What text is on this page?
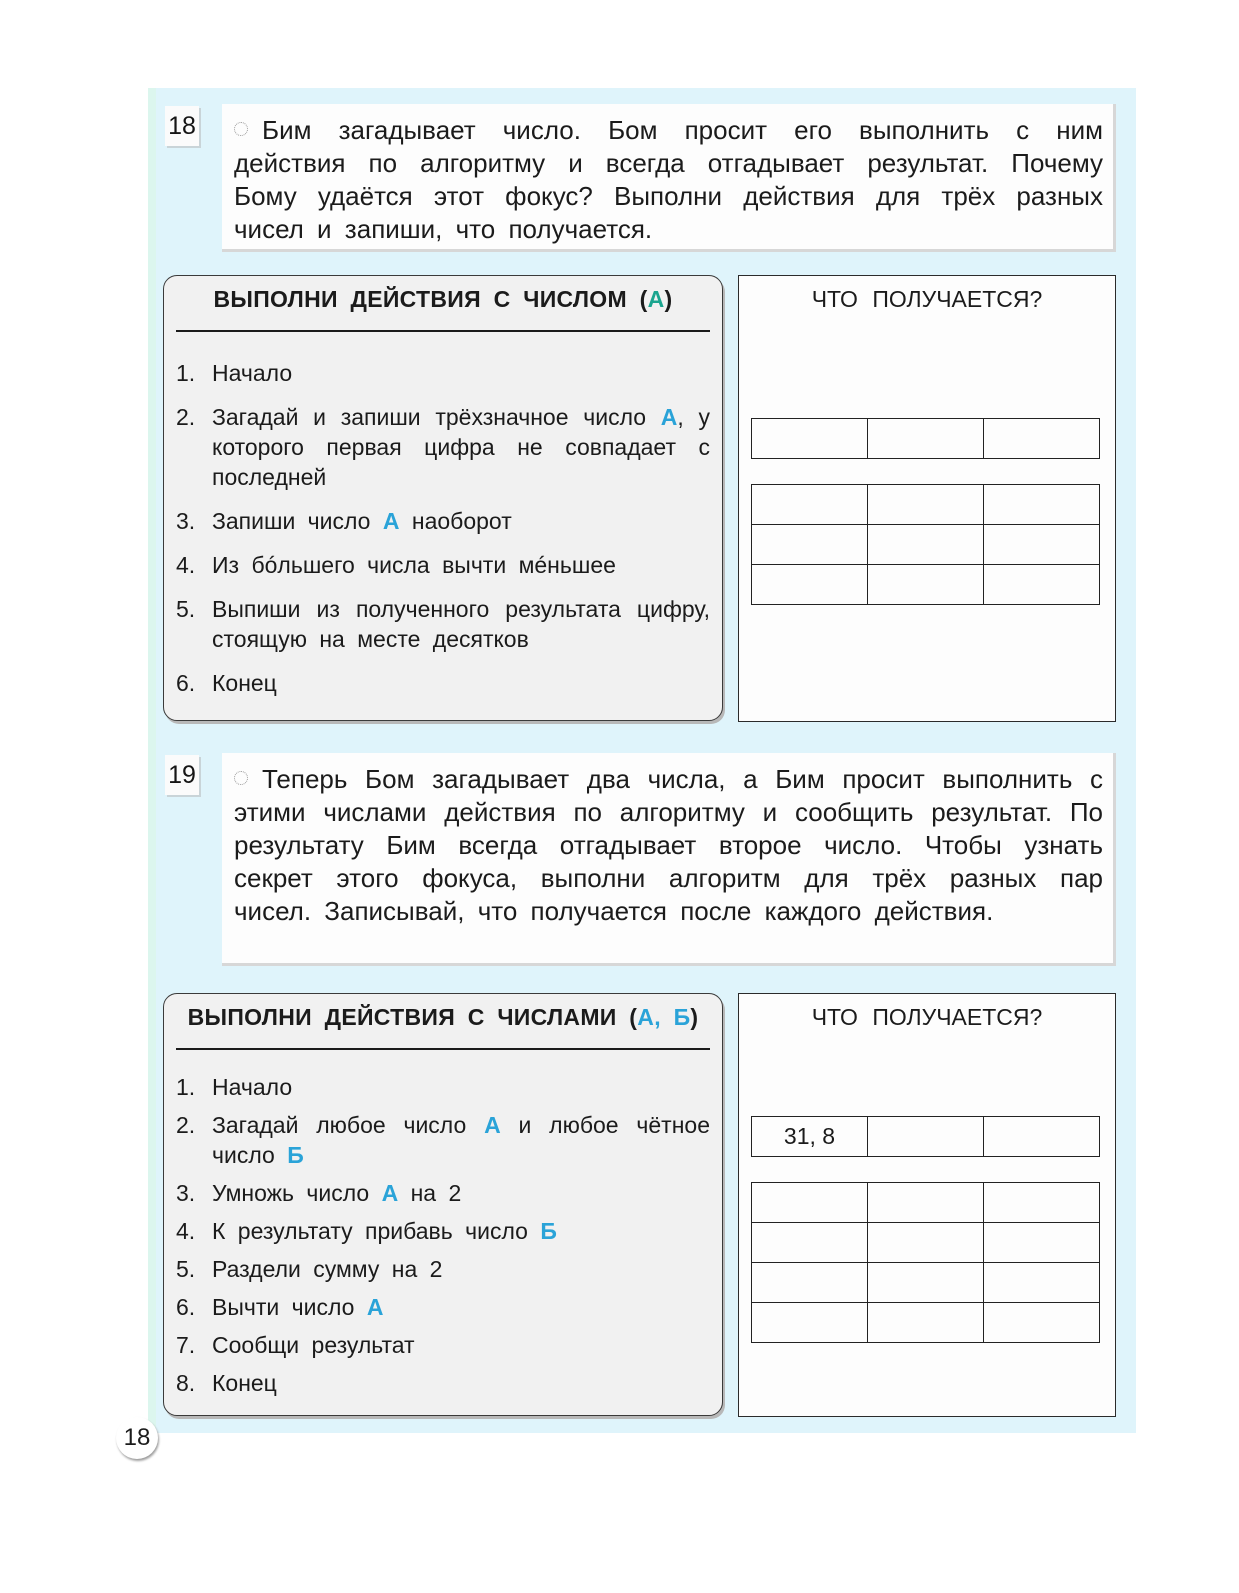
18	Бим загадывает число. Бом просит его выполнить с ним действия по алгоритму и всегда отгадывает результат. Почему Бому удаётся этот фокус? Выполни действия для трёх разных чисел и запиши, что получается.
ВЫПОЛНИ ДЕЙСТВИЯ С ЧИСЛОМ (А)
1. Начало
2. Загадай и запиши трёхзначное число А, у которого первая цифра не совпадает с последней
3. Запиши число А наоборот
4. Из бóльшего числа вычти мéньшее
5. Выпиши из полученного результата цифру, стоящую на месте десятков
6. Конец
ЧТО ПОЛУЧАЕТСЯ?

19	Теперь Бом загадывает два числа, а Бим просит выполнить с этими числами действия по алгоритму и сообщить результат. По результату Бим всегда отгадывает второе число. Чтобы узнать секрет этого фокуса, выполни алгоритм для трёх разных пар чисел. Записывай, что получается после каждого действия.
ВЫПОЛНИ ДЕЙСТВИЯ С ЧИСЛАМИ (А, Б)
1. Начало
2. Загадай любое число А и любое чётное число Б
3. Умножь число А на 2
4. К результату прибавь число Б
5. Раздели сумму на 2
6. Вычти число А
7. Сообщи результат
8. Конец
ЧТО ПОЛУЧАЕТСЯ?
31, 8		

18
